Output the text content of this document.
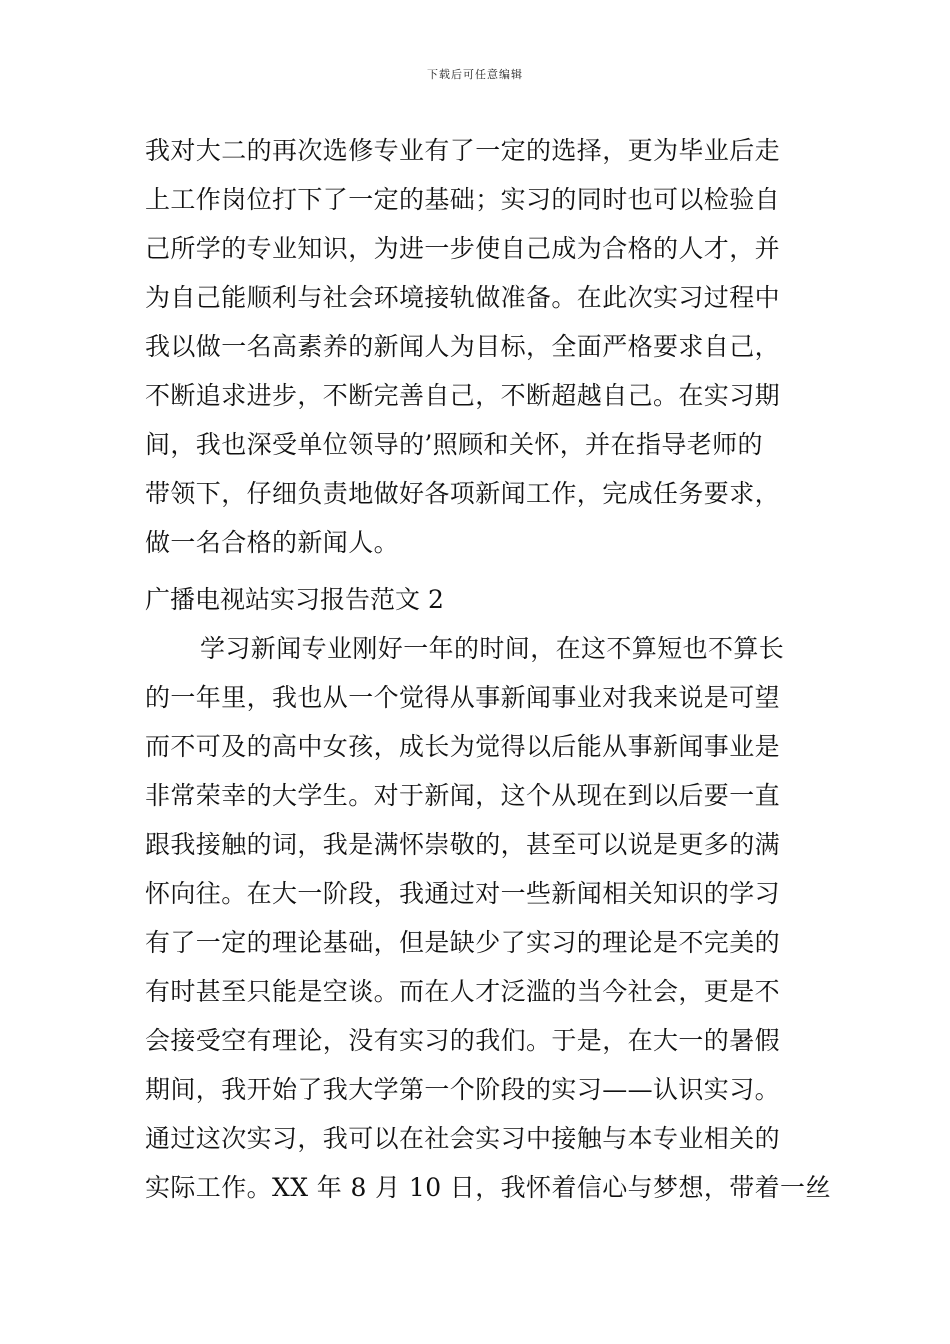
下载后可任意编辑
我对大二的再次选修专业有了一定的选择，更为毕业后走
上工作岗位打下了一定的基础；实习的同时也可以检验自
己所学的专业知识，为进一步使自己成为合格的人才，并
为自己能顺利与社会环境接轨做准备。在此次实习过程中
我以做一名高素养的新闻人为目标，全面严格要求自己，
不断追求进步，不断完善自己，不断超越自己。在实习期
间，我也深受单位领导的’照顾和关怀，并在指导老师的
带领下，仔细负责地做好各项新闻工作，完成任务要求，
做一名合格的新闻人。
广播电视站实习报告范文 2
学习新闻专业刚好一年的时间，在这不算短也不算长
的一年里，我也从一个觉得从事新闻事业对我来说是可望
而不可及的高中女孩，成长为觉得以后能从事新闻事业是
非常荣幸的大学生。对于新闻，这个从现在到以后要一直
跟我接触的词，我是满怀崇敬的，甚至可以说是更多的满
怀向往。在大一阶段，我通过对一些新闻相关知识的学习
有了一定的理论基础，但是缺少了实习的理论是不完美的
有时甚至只能是空谈。而在人才泛滥的当今社会，更是不
会接受空有理论，没有实习的我们。于是，在大一的暑假
期间，我开始了我大学第一个阶段的实习——认识实习。
通过这次实习，我可以在社会实习中接触与本专业相关的
实际工作。XX 年 8 月 10 日，我怀着信心与梦想，带着一丝
